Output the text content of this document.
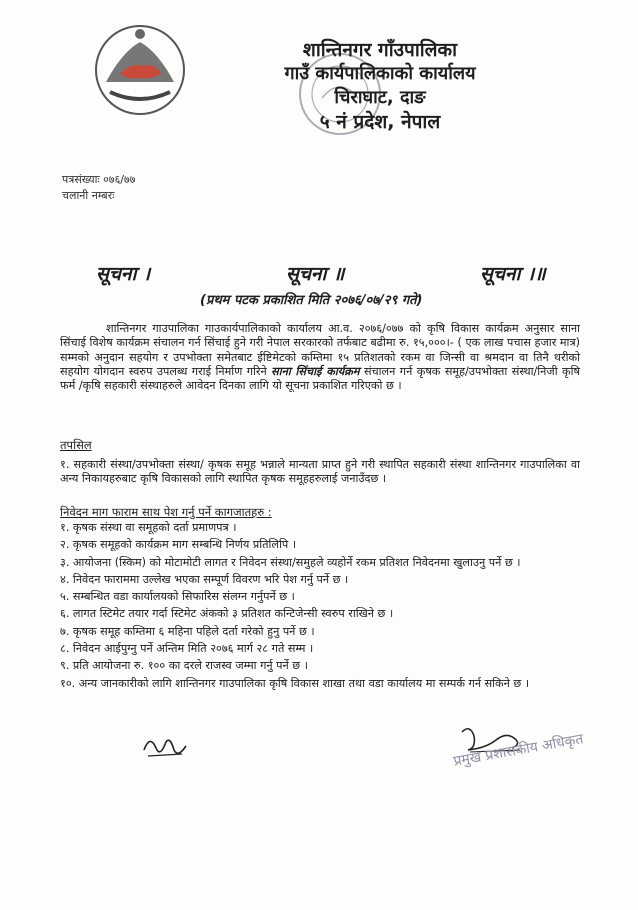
शान्तिनगर गाँउपालिका
गाउँ कार्यपालिकाको कार्यालय
चिराघाट, दाङ
५ नं प्रदेश, नेपाल
पत्रसंख्याः ०७६/७७
चलानी नम्बरः
सूचना ।	सूचना ॥	सूचना ।॥
(प्रथम पटक प्रकाशित मिति २०७६/०७/२९ गते)

शान्तिनगर गाउपालिका गाउकार्यपालिकाको कार्यालय आ.व. २०७६/०७७ को कृषि विकास कार्यक्रम अनुसार साना सिंचाई विशेष कार्यक्रम संचालन गर्न सिंचाई हुने गरी नेपाल सरकारको तर्फबाट बढीमा रु. १५,०००।- ( एक लाख पचास हजार मात्र) सम्मको अनुदान सहयोग र उपभोक्ता समेतबाट ईष्टिमेटको कम्तिमा १५ प्रतिशतको रकम वा जिन्सी वा श्रमदान वा तिनै थरीको सहयोग योगदान स्वरुप उपलब्ध गराई निर्माण गरिने साना सिंचाई कार्यक्रम संचालन गर्न कृषक समूह/उपभोक्ता संस्था/निजी कृषि फर्म /कृषि सहकारी संस्थाहरुले आवेदन दिनका लागि यो सूचना प्रकाशित गरिएको छ ।

तपसिल
१. सहकारी संस्था/उपभोक्ता संस्था/ कृषक समूह भन्नाले मान्यता प्राप्त हुने गरी स्थापित सहकारी संस्था शान्तिनगर गाउपालिका वा अन्य निकायहरुबाट कृषि विकासको लागि स्थापित कृषक समूहहरुलाई जनाउँदछ ।
निवेदन माग फाराम साथ पेश गर्नु पर्ने कागजातहरु :
१. कृषक संस्था वा समूहको दर्ता प्रमाणपत्र ।
२. कृषक समूहको कार्यक्रम माग सम्बन्धि निर्णय प्रतिलिपि ।
३. आयोजना (स्किम) को मोटामोटी लागत र निवेदन संस्था/समुहले व्यहोर्ने रकम प्रतिशत निवेदनमा खुलाउनु पर्ने छ ।
४. निवेदन फाराममा उल्लेख भएका सम्पूर्ण विवरण भरि पेश गर्नु पर्ने छ ।
५. सम्बन्धित वडा कार्यालयको सिफारिस संलग्न गर्नुपर्ने छ ।
६. लागत स्टिमेट तयार गर्दा स्टिमेट अंकको ३ प्रतिशत कन्टिजेन्सी स्वरुप राखिने छ ।
७. कृषक समूह कम्तिमा ६ महिना पहिले दर्ता गरेको हुनु पर्ने छ ।
८. निवेदन आईपुग्नु पर्ने अन्तिम मिति २०७६ मार्ग २८ गते सम्म ।
९. प्रति आयोजना रु. १०० का दरले राजस्व जम्मा गर्नु पर्ने छ ।
१०. अन्य जानकारीको लागि शान्तिनगर गाउपालिका कृषि विकास शाखा तथा वडा कार्यालय मा सम्पर्क गर्न सकिने छ ।
प्रमुख प्रशासकीय अधिकृत
